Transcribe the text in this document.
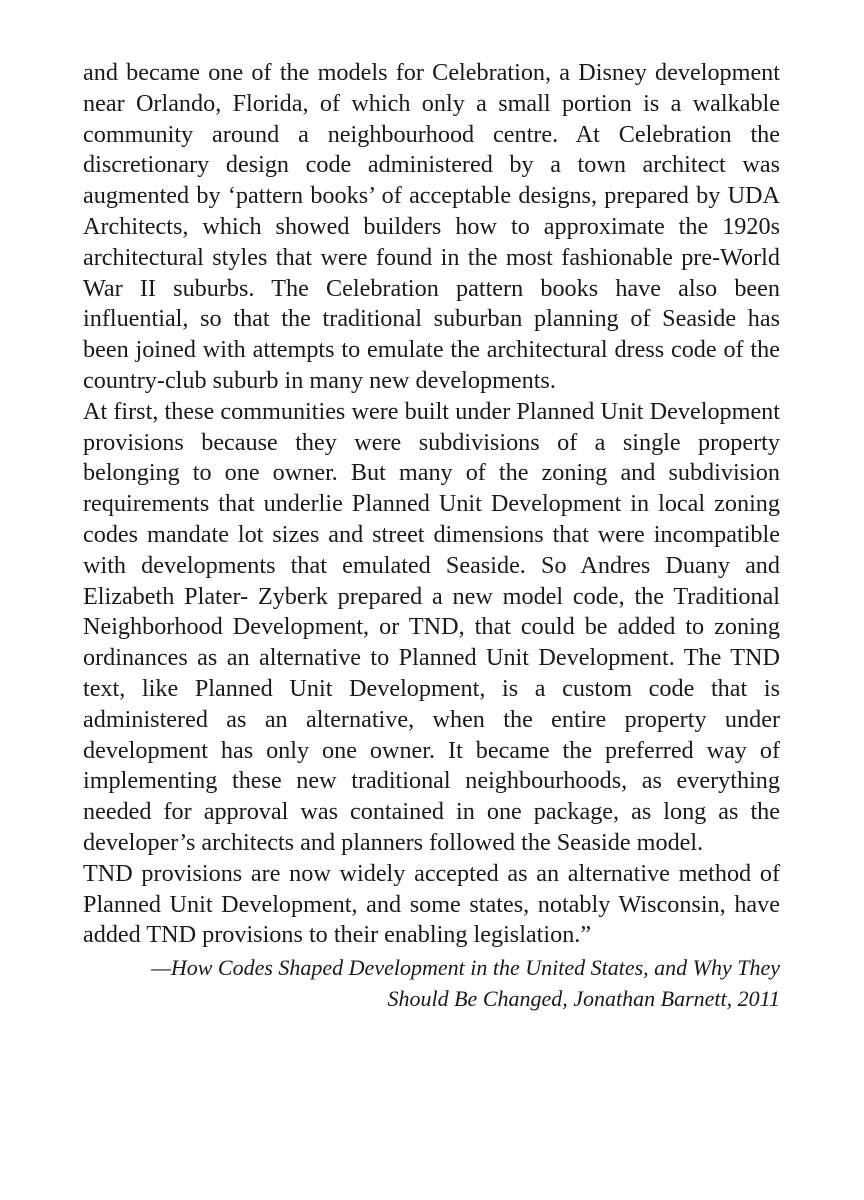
and became one of the models for Celebration, a Disney development near Orlando, Florida, of which only a small portion is a walkable community around a neighbourhood centre. At Celebration the discretionary design code administered by a town architect was augmented by ‘pattern books’ of acceptable designs, prepared by UDA Architects, which showed builders how to approximate the 1920s architectural styles that were found in the most fashionable pre-World War II suburbs. The Celebration pattern books have also been influential, so that the traditional suburban planning of Seaside has been joined with attempts to emulate the architectural dress code of the country-club suburb in many new developments.

At first, these communities were built under Planned Unit Development provisions because they were subdivisions of a single property belonging to one owner. But many of the zoning and subdivision requirements that underlie Planned Unit Development in local zoning codes mandate lot sizes and street dimensions that were incompatible with developments that emulated Seaside. So Andres Duany and Elizabeth Plater- Zyberk prepared a new model code, the Traditional Neighborhood Development, or TND, that could be added to zoning ordinances as an alternative to Planned Unit Development. The TND text, like Planned Unit Development, is a custom code that is administered as an alternative, when the entire property under development has only one owner. It became the preferred way of implementing these new traditional neighbourhoods, as everything needed for approval was contained in one package, as long as the developer’s architects and planners followed the Seaside model.

TND provisions are now widely accepted as an alternative method of Planned Unit Development, and some states, notably Wisconsin, have added TND provisions to their enabling legislation.”

—How Codes Shaped Development in the United States, and Why They
Should Be Changed, Jonathan Barnett, 2011
